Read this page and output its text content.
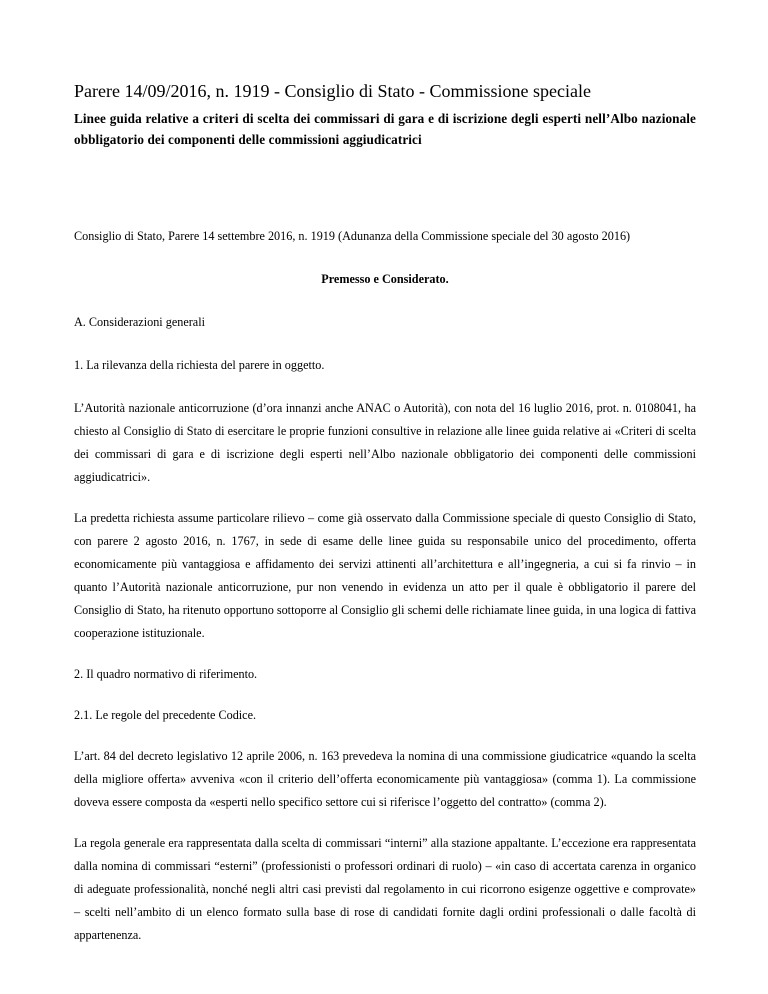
Parere 14/09/2016, n. 1919 - Consiglio di Stato - Commissione speciale

Linee guida relative a criteri di scelta dei commissari di gara e di iscrizione degli esperti nell’Albo nazionale obbligatorio dei componenti delle commissioni aggiudicatrici

Consiglio di Stato, Parere 14 settembre 2016, n. 1919 (Adunanza della Commissione speciale del 30 agosto 2016)

Premesso e Considerato.

A. Considerazioni generali

1. La rilevanza della richiesta del parere in oggetto.

L’Autorità nazionale anticorruzione (d’ora innanzi anche ANAC o Autorità), con nota del 16 luglio 2016, prot. n. 0108041, ha chiesto al Consiglio di Stato di esercitare le proprie funzioni consultive in relazione alle linee guida relative ai «Criteri di scelta dei commissari di gara e di iscrizione degli esperti nell’Albo nazionale obbligatorio dei componenti delle commissioni aggiudicatrici».

La predetta richiesta assume particolare rilievo – come già osservato dalla Commissione speciale di questo Consiglio di Stato, con parere 2 agosto 2016, n. 1767, in sede di esame delle linee guida su responsabile unico del procedimento, offerta economicamente più vantaggiosa e affidamento dei servizi attinenti all’architettura e all’ingegneria, a cui si fa rinvio – in quanto l’Autorità nazionale anticorruzione, pur non venendo in evidenza un atto per il quale è obbligatorio il parere del Consiglio di Stato, ha ritenuto opportuno sottoporre al Consiglio gli schemi delle richiamate linee guida, in una logica di fattiva cooperazione istituzionale.

2. Il quadro normativo di riferimento.

2.1. Le regole del precedente Codice.

L’art. 84 del decreto legislativo 12 aprile 2006, n. 163 prevedeva la nomina di una commissione giudicatrice «quando la scelta della migliore offerta» avveniva «con il criterio dell’offerta economicamente più vantaggiosa» (comma 1). La commissione doveva essere composta da «esperti nello specifico settore cui si riferisce l’oggetto del contratto» (comma 2).

La regola generale era rappresentata dalla scelta di commissari “interni” alla stazione appaltante. L’eccezione era rappresentata dalla nomina di commissari “esterni” (professionisti o professori ordinari di ruolo) – «in caso di accertata carenza in organico di adeguate professionalità, nonché negli altri casi previsti dal regolamento in cui ricorrono esigenze oggettive e comprovate» – scelti nell’ambito di un elenco formato sulla base di rose di candidati fornite dagli ordini professionali o dalle facoltà di appartenenza.
